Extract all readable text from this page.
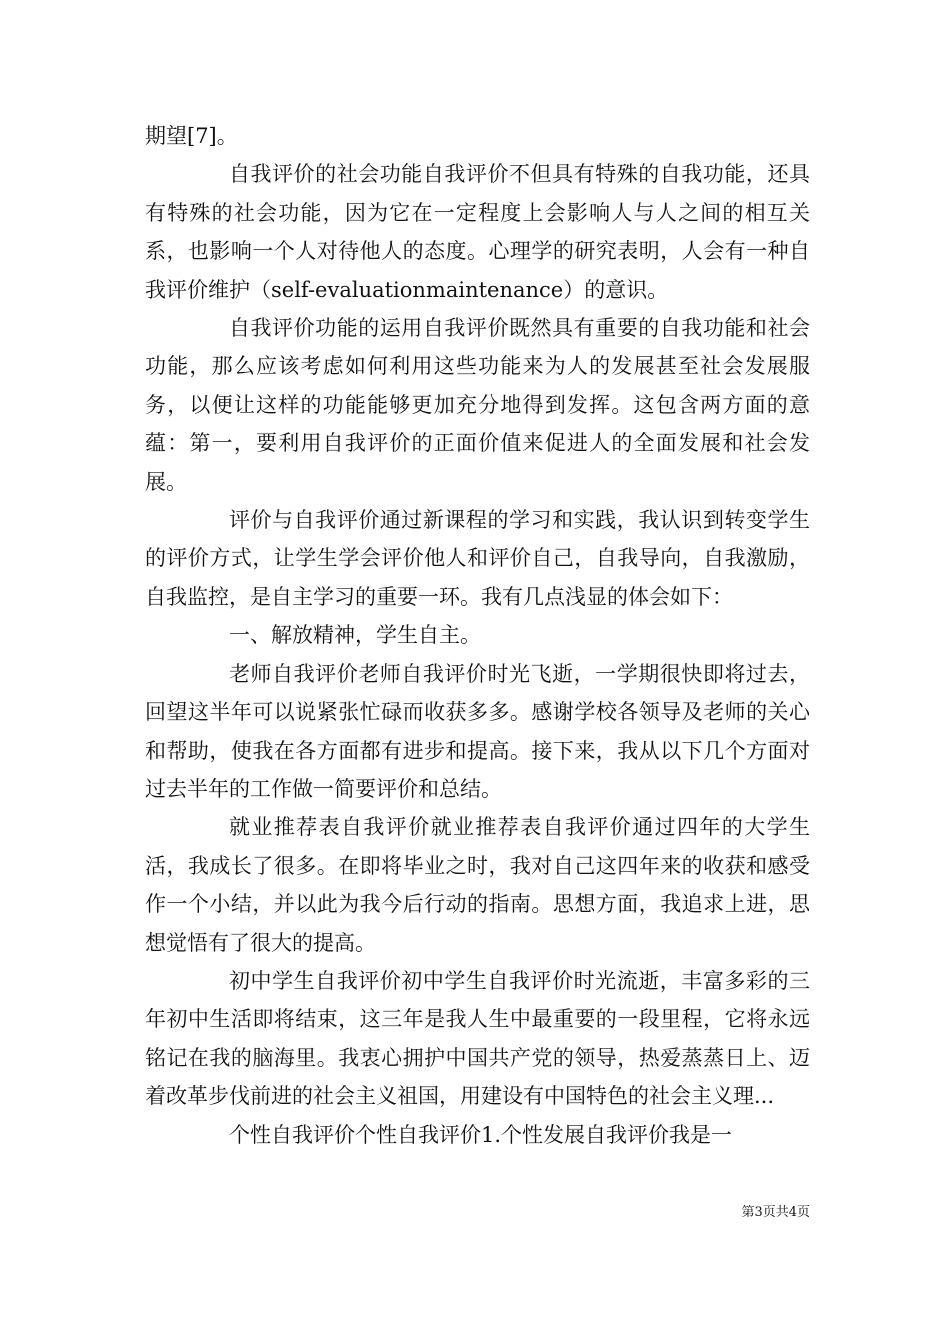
期望[7]。

自我评价的社会功能自我评价不但具有特殊的自我功能，还具有特殊的社会功能，因为它在一定程度上会影响人与人之间的相互关系，也影响一个人对待他人的态度。心理学的研究表明，人会有一种自我评价维护（self-evaluationmaintenance）的意识。

自我评价功能的运用自我评价既然具有重要的自我功能和社会功能，那么应该考虑如何利用这些功能来为人的发展甚至社会发展服务，以便让这样的功能能够更加充分地得到发挥。这包含两方面的意蕴：第一，要利用自我评价的正面价值来促进人的全面发展和社会发展。

评价与自我评价通过新课程的学习和实践，我认识到转变学生的评价方式，让学生学会评价他人和评价自己，自我导向，自我激励，自我监控，是自主学习的重要一环。我有几点浅显的体会如下：

一、解放精神，学生自主。

老师自我评价老师自我评价时光飞逝，一学期很快即将过去，回望这半年可以说紧张忙碌而收获多多。感谢学校各领导及老师的关心和帮助，使我在各方面都有进步和提高。接下来，我从以下几个方面对过去半年的工作做一简要评价和总结。

就业推荐表自我评价就业推荐表自我评价通过四年的大学生活，我成长了很多。在即将毕业之时，我对自己这四年来的收获和感受作一个小结，并以此为我今后行动的指南。思想方面，我追求上进，思想觉悟有了很大的提高。

初中学生自我评价初中学生自我评价时光流逝，丰富多彩的三年初中生活即将结束，这三年是我人生中最重要的一段里程，它将永远铭记在我的脑海里。我衷心拥护中国共产党的领导，热爱蒸蒸日上、迈着改革步伐前进的社会主义祖国，用建设有中国特色的社会主义理...

个性自我评价个性自我评价1.个性发展自我评价我是一

第3页共4页
